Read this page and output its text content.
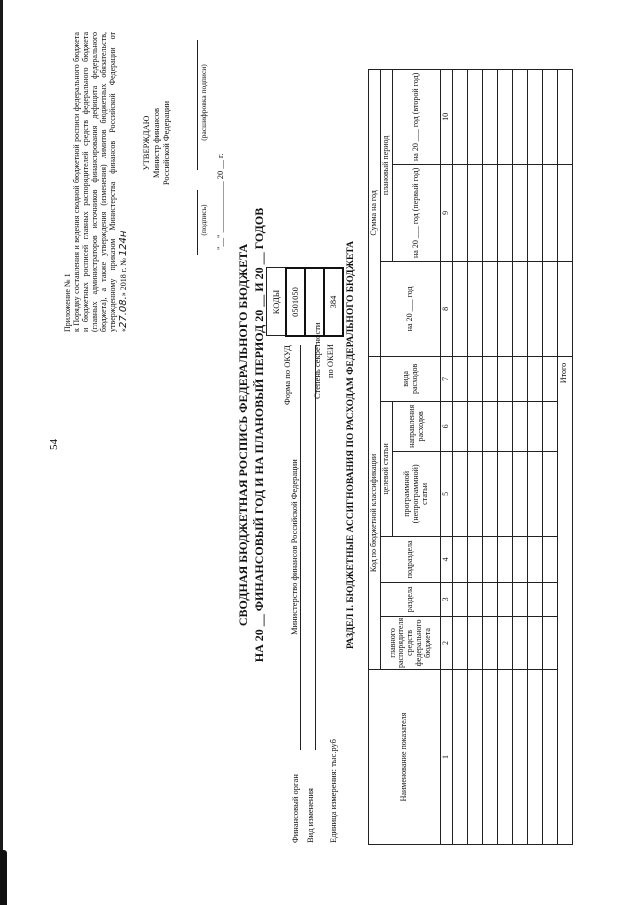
54
Приложение № 1 к Порядку составления и ведения сводной бюджетной росписи федерального бюджета и бюджетных росписей главных распорядителей средств федерального бюджета (главных администраторов источников финансирования дефицита федерального бюджета), а также утверждения (изменения) лимитов бюджетных обязательств, утвержденному приказом Министерства финансов Российской Федерации от «27.08.» 2018 г. № 124н
УТВЕРЖДАЮ Министр финансов Российской Федерации
(подпись)
(расшифровка подписи)
"__" ____________ 20 __ г.
СВОДНАЯ БЮДЖЕТНАЯ РОСПИСЬ ФЕДЕРАЛЬНОГО БЮДЖЕТА НА 20 __ ФИНАНСОВЫЙ ГОД И НА ПЛАНОВЫЙ ПЕРИОД 20 __ И 20 __ ГОДОВ
Финансовый орган
Министерство финансов Российской Федерации
Вид изменения Единица измерения: тыс.руб
Форма по ОКУД Степень секретности по ОКЕИ
КОДЫ
0501050

384 РАЗДЕЛ I. БЮДЖЕТНЫЕ АССИГНОВАНИЯ ПО РАСХОДАМ ФЕДЕРАЛЬНОГО БЮДЖЕТА
Наименование показателя	Код по бюджетной классификации						Сумма на год		
	главного распорядителя средств федерального бюджета	раздела	подраздела	целевой статьи		вида расходов	на 20 ___ год	плановый период	
				программной (непрограммной) статьи	направления расходов			на 20 ___ год (первый год)	на 20 ___ год (второй год)

1	2	3	4	5	6	7	8	9	10

Итого									
